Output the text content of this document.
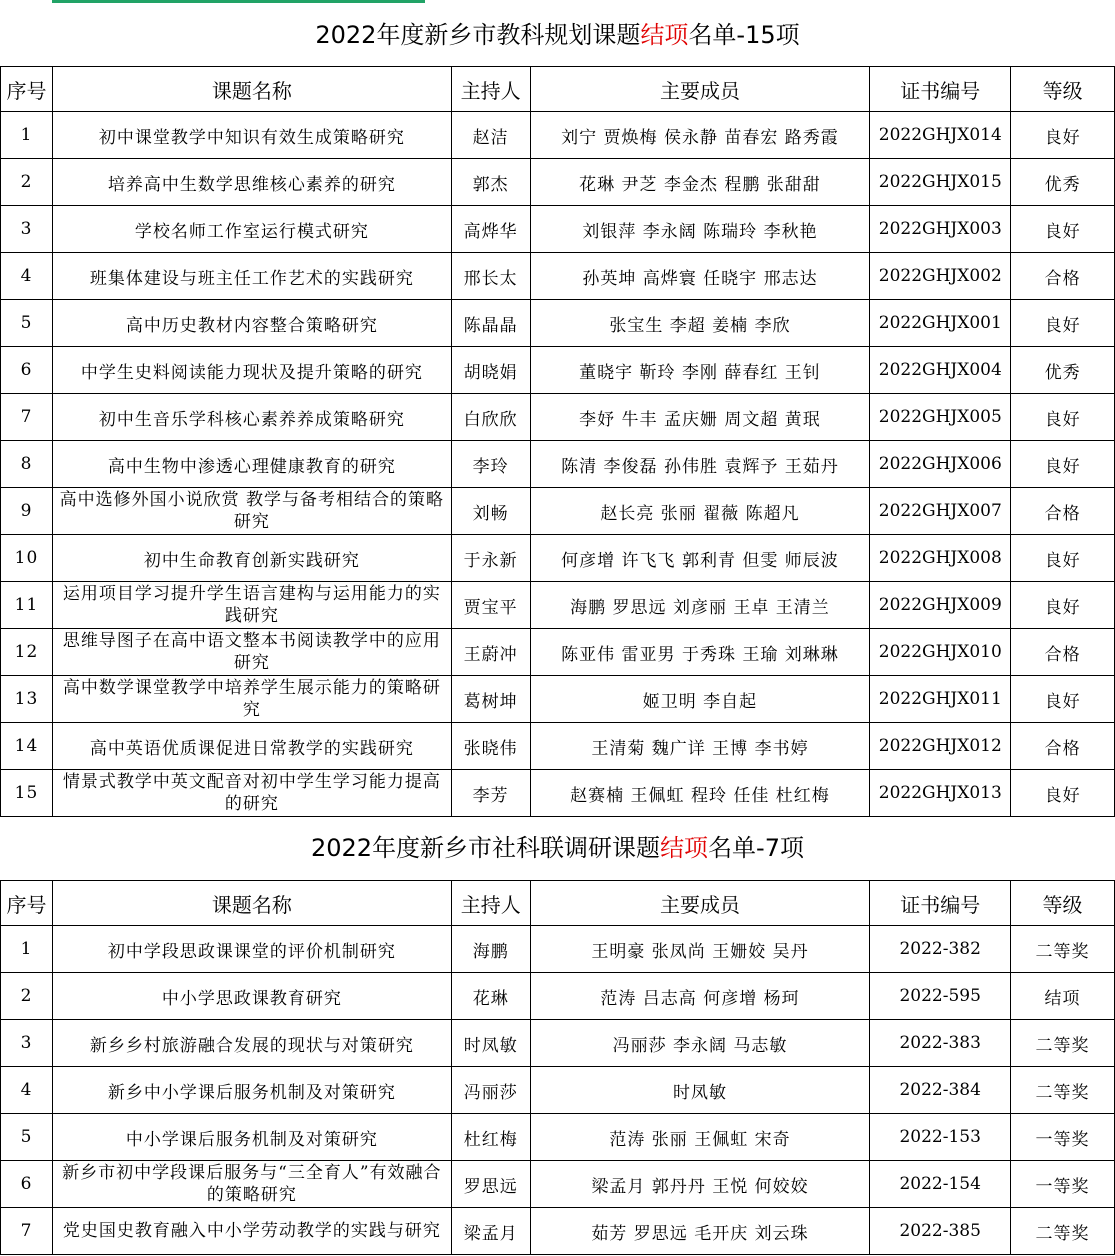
2022年度新乡市教科规划课题结项名单-15项
序号	课题名称	主持人	主要成员	证书编号	等级
1	初中课堂教学中知识有效生成策略研究	赵洁	刘宁 贾焕梅 侯永静 苗春宏 路秀霞	2022GHJX014	良好
2	培养高中生数学思维核心素养的研究	郭杰	花琳 尹芝 李金杰 程鹏 张甜甜	2022GHJX015	优秀
3	学校名师工作室运行模式研究	高烨华	刘银萍 李永阔 陈瑞玲 李秋艳	2022GHJX003	良好
4	班集体建设与班主任工作艺术的实践研究	邢长太	孙英坤 高烨寰 任晓宇 邢志达	2022GHJX002	合格
5	高中历史教材内容整合策略研究	陈晶晶	张宝生 李超 姜楠 李欣	2022GHJX001	良好
6	中学生史料阅读能力现状及提升策略的研究	胡晓娟	董晓宇 靳玲 李刚 薛春红 王钊	2022GHJX004	优秀
7	初中生音乐学科核心素养养成策略研究	白欣欣	李妤 牛丰 孟庆姗 周文超 黄珉	2022GHJX005	良好
8	高中生物中渗透心理健康教育的研究	李玲	陈清 李俊磊 孙伟胜 袁辉予 王茹丹	2022GHJX006	良好
9	高中选修外国小说欣赏 教学与备考相结合的策略研究	刘畅	赵长亮 张丽 翟薇 陈超凡	2022GHJX007	合格
10	初中生命教育创新实践研究	于永新	何彦增 许飞飞 郭利青 但雯 师辰波	2022GHJX008	良好
11	运用项目学习提升学生语言建构与运用能力的实践研究	贾宝平	海鹏 罗思远 刘彦丽 王卓 王清兰	2022GHJX009	良好
12	思维导图子在高中语文整本书阅读教学中的应用研究	王蔚冲	陈亚伟 雷亚男 于秀珠 王瑜 刘琳琳	2022GHJX010	合格
13	高中数学课堂教学中培养学生展示能力的策略研究	葛树坤	姬卫明 李自起	2022GHJX011	良好
14	高中英语优质课促进日常教学的实践研究	张晓伟	王清菊 魏广详 王博 李书婷	2022GHJX012	合格
15	情景式教学中英文配音对初中学生学习能力提高的研究	李芳	赵赛楠 王佩虹 程玲 任佳 杜红梅	2022GHJX013	良好
2022年度新乡市社科联调研课题结项名单-7项
序号	课题名称	主持人	主要成员	证书编号	等级
1	初中学段思政课课堂的评价机制研究	海鹏	王明豪 张凤尚 王姗姣 吴丹	2022-382	二等奖
2	中小学思政课教育研究	花琳	范涛 吕志高 何彦增 杨珂	2022-595	结项
3	新乡乡村旅游融合发展的现状与对策研究	时凤敏	冯丽莎 李永阔 马志敏	2022-383	二等奖
4	新乡中小学课后服务机制及对策研究	冯丽莎	时凤敏	2022-384	二等奖
5	中小学课后服务机制及对策研究	杜红梅	范涛 张丽 王佩虹 宋奇	2022-153	一等奖
6	新乡市初中学段课后服务与“三全育人”有效融合的策略研究	罗思远	梁孟月 郭丹丹 王悦 何姣姣	2022-154	一等奖
7	党史国史教育融入中小学劳动教学的实践与研究	梁孟月	茹芳 罗思远 毛开庆 刘云珠	2022-385	二等奖
